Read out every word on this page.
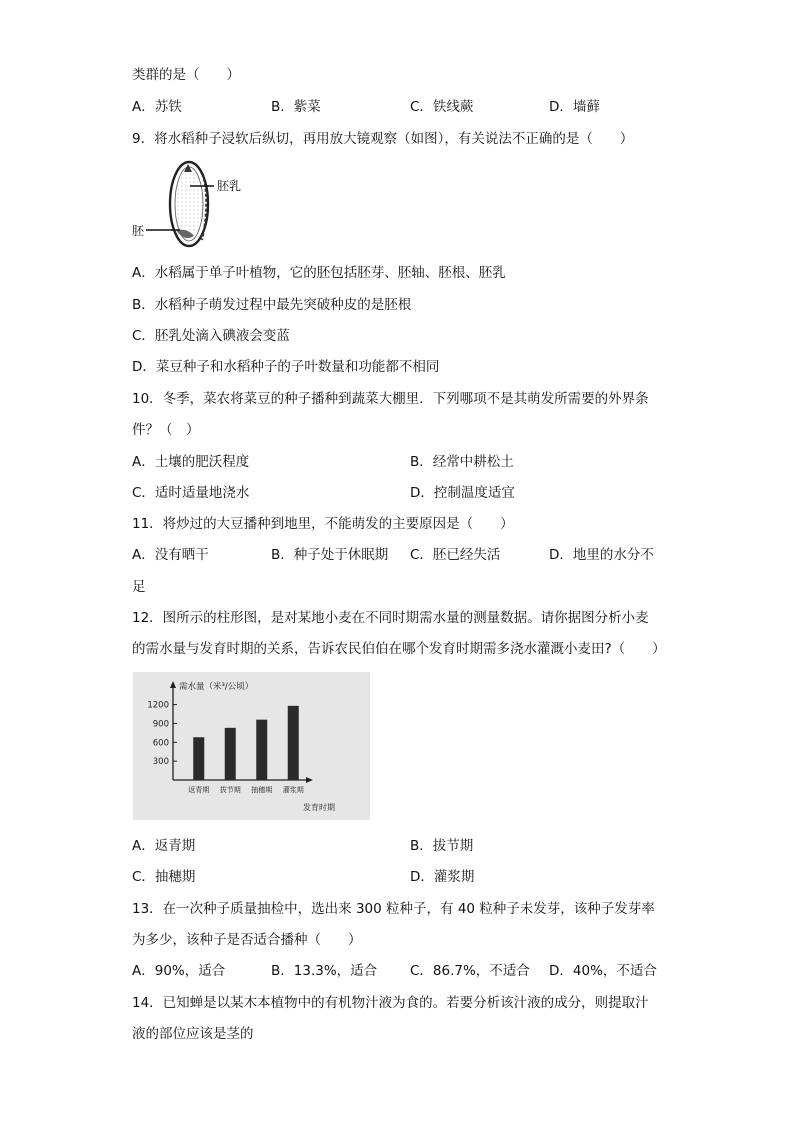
类群的是（　　）
A．苏铁	B．紫菜	C．铁线蕨	D．墙藓
9．将水稻种子浸软后纵切，再用放大镜观察（如图），有关说法不正确的是（　　）
胚乳
胚
A．水稻属于单子叶植物，它的胚包括胚芽、胚轴、胚根、胚乳
B．水稻种子萌发过程中最先突破种皮的是胚根
C．胚乳处滴入碘液会变蓝
D．菜豆种子和水稻种子的子叶数量和功能都不相同
10．冬季，菜农将菜豆的种子播种到蔬菜大棚里．下列哪项不是其萌发所需要的外界条
件？（　）
A．土壤的肥沃程度	B．经常中耕松土
C．适时适量地浇水	D．控制温度适宜
11．将炒过的大豆播种到地里，不能萌发的主要原因是（　　）
A．没有晒干	B．种子处于休眠期 C．胚已经失活	D．地里的水分不
足
12．图所示的柱形图，是对某地小麦在不同时期需水量的测量数据。请你据图分析小麦
的需水量与发育时期的关系，告诉农民伯伯在哪个发育时期需多浇水灌溉小麦田?（　　）
300
600
900
1200
返青期 拔节期 抽穗期 灌浆期
需水量（米³/公顷）
发育时期
A．返青期	B．拔节期
C．抽穗期	D．灌浆期
13．在一次种子质量抽检中，选出来 300 粒种子，有 40 粒种子未发芽，该种子发芽率
为多少，该种子是否适合播种（　　）
A．90%，适合	B．13.3%，适合 C．86.7%，不适合 D．40%，不适合
14．已知蝉是以某木本植物中的有机物汁液为食的。若要分析该汁液的成分，则提取汁
液的部位应该是茎的
